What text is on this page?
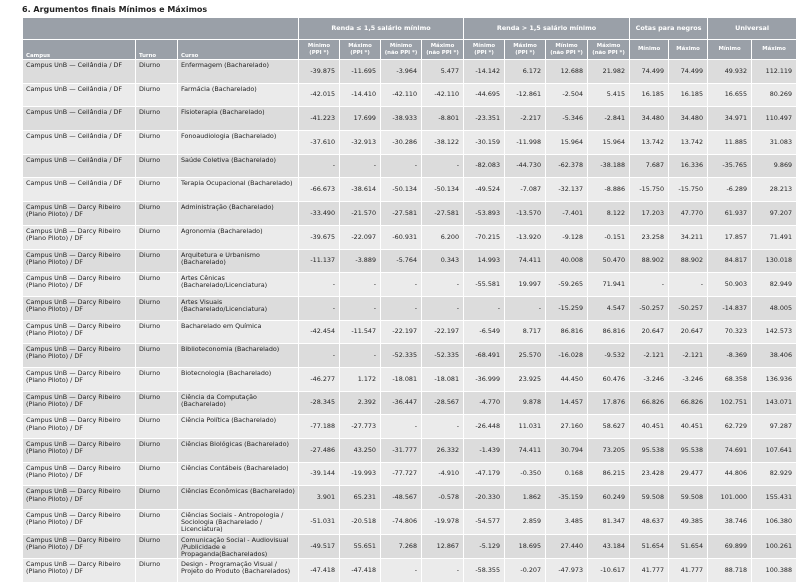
6. Argumentos finais Mínimos e Máximos
			Renda ≤ 1,5 salário mínimo				Renda > 1,5 salário mínimo				Cotas para negros		Universal	
Campus	Turno	Curso	Mínimo (PPI *)	Máximo (PPI *)	Mínimo (não PPI *)	Máximo (não PPI *)	Mínimo (PPI *)	Máximo (PPI *)	Mínimo (não PPI *)	Máximo (não PPI *)	Mínimo	Máximo	Mínimo	Máximo
Campus UnB — Ceilândia / DF	Diurno	Enfermagem (Bacharelado)	-39.875	-11.695	-3.964	5.477	-14.142	6.172	12.688	21.982	74.499	74.499	49.932	112.119
Campus UnB — Ceilândia / DF	Diurno	Farmácia (Bacharelado)	-42.015	-14.410	-42.110	-42.110	-44.695	-12.861	-2.504	5.415	16.185	16.185	16.655	80.269
Campus UnB — Ceilândia / DF	Diurno	Fisioterapia (Bacharelado)	-41.223	17.699	-38.933	-8.801	-23.351	-2.217	-5.346	-2.841	34.480	34.480	34.971	110.497
Campus UnB — Ceilândia / DF	Diurno	Fonoaudiologia (Bacharelado)	-37.610	-32.913	-30.286	-38.122	-30.159	-11.998	15.964	15.964	13.742	13.742	11.885	31.083
Campus UnB — Ceilândia / DF	Diurno	Saúde Coletiva (Bacharelado)	-	-	-	-	-82.083	-44.730	-62.378	-38.188	7.687	16.336	-35.765	9.869
Campus UnB — Ceilândia / DF	Diurno	Terapia Ocupacional (Bacharelado)	-66.673	-38.614	-50.134	-50.134	-49.524	-7.087	-32.137	-8.886	-15.750	-15.750	-6.289	28.213
Campus UnB — Darcy Ribeiro (Plano Piloto) / DF	Diurno	Administração (Bacharelado)	-33.490	-21.570	-27.581	-27.581	-53.893	-13.570	-7.401	8.122	17.203	47.770	61.937	97.207
Campus UnB — Darcy Ribeiro (Plano Piloto) / DF	Diurno	Agronomia (Bacharelado)	-39.675	-22.097	-60.931	6.200	-70.215	-13.920	-9.128	-0.151	23.258	34.211	17.857	71.491
Campus UnB — Darcy Ribeiro (Plano Piloto) / DF	Diurno	Arquitetura e Urbanismo (Bacharelado)	-11.137	-3.889	-5.764	0.343	14.993	74.411	40.008	50.470	88.902	88.902	84.817	130.018
Campus UnB — Darcy Ribeiro (Plano Piloto) / DF	Diurno	Artes Cênicas (Bacharelado/Licenciatura)	-	-	-	-	-55.581	19.997	-59.265	71.941	-	-	50.903	82.949
Campus UnB — Darcy Ribeiro (Plano Piloto) / DF	Diurno	Artes Visuais (Bacharelado/Licenciatura)	-	-	-	-	-	-	-15.259	4.547	-50.257	-50.257	-14.837	48.005
Campus UnB — Darcy Ribeiro (Plano Piloto) / DF	Diurno	Bacharelado em Química	-42.454	-11.547	-22.197	-22.197	-6.549	8.717	86.816	86.816	20.647	20.647	70.323	142.573
Campus UnB — Darcy Ribeiro (Plano Piloto) / DF	Diurno	Biblioteconomia (Bacharelado)	-	-	-52.335	-52.335	-68.491	25.570	-16.028	-9.532	-2.121	-2.121	-8.369	38.406
Campus UnB — Darcy Ribeiro (Plano Piloto) / DF	Diurno	Biotecnologia (Bacharelado)	-46.277	1.172	-18.081	-18.081	-36.999	23.925	44.450	60.476	-3.246	-3.246	68.358	136.936
Campus UnB — Darcy Ribeiro (Plano Piloto) / DF	Diurno	Ciência da Computação (Bacharelado)	-28.345	2.392	-36.447	-28.567	-4.770	9.878	14.457	17.876	66.826	66.826	102.751	143.071
Campus UnB — Darcy Ribeiro (Plano Piloto) / DF	Diurno	Ciência Política (Bacharelado)	-77.188	-27.773	-	-	-26.448	11.031	27.160	58.627	40.451	40.451	62.729	97.287
Campus UnB — Darcy Ribeiro (Plano Piloto) / DF	Diurno	Ciências Biológicas (Bacharelado)	-27.486	43.250	-31.777	26.332	-1.439	74.411	30.794	73.205	95.538	95.538	74.691	107.641
Campus UnB — Darcy Ribeiro (Plano Piloto) / DF	Diurno	Ciências Contábeis (Bacharelado)	-39.144	-19.993	-77.727	-4.910	-47.179	-0.350	0.168	86.215	23.428	29.477	44.806	82.929
Campus UnB — Darcy Ribeiro (Plano Piloto) / DF	Diurno	Ciências Econômicas (Bacharelado)	3.901	65.231	-48.567	-0.578	-20.330	1.862	-35.159	60.249	59.508	59.508	101.000	155.431
Campus UnB — Darcy Ribeiro (Plano Piloto) / DF	Diurno	Ciências Sociais - Antropologia / Sociologia (Bacharelado / Licenciatura)	-51.031	-20.518	-74.806	-19.978	-54.577	2.859	3.485	81.347	48.637	49.385	38.746	106.380
Campus UnB — Darcy Ribeiro (Plano Piloto) / DF	Diurno	Comunicação Social - Audiovisual /Publicidade e Propaganda(Bacharelados)	-49.517	55.651	7.268	12.867	-5.129	18.695	27.440	43.184	51.654	51.654	69.899	100.261
Campus UnB — Darcy Ribeiro (Plano Piloto) / DF	Diurno	Design - Programação Visual / Projeto do Produto (Bacharelados)	-47.418	-47.418	-	-	-58.355	-0.207	-47.973	-10.617	41.777	41.777	88.718	100.388
